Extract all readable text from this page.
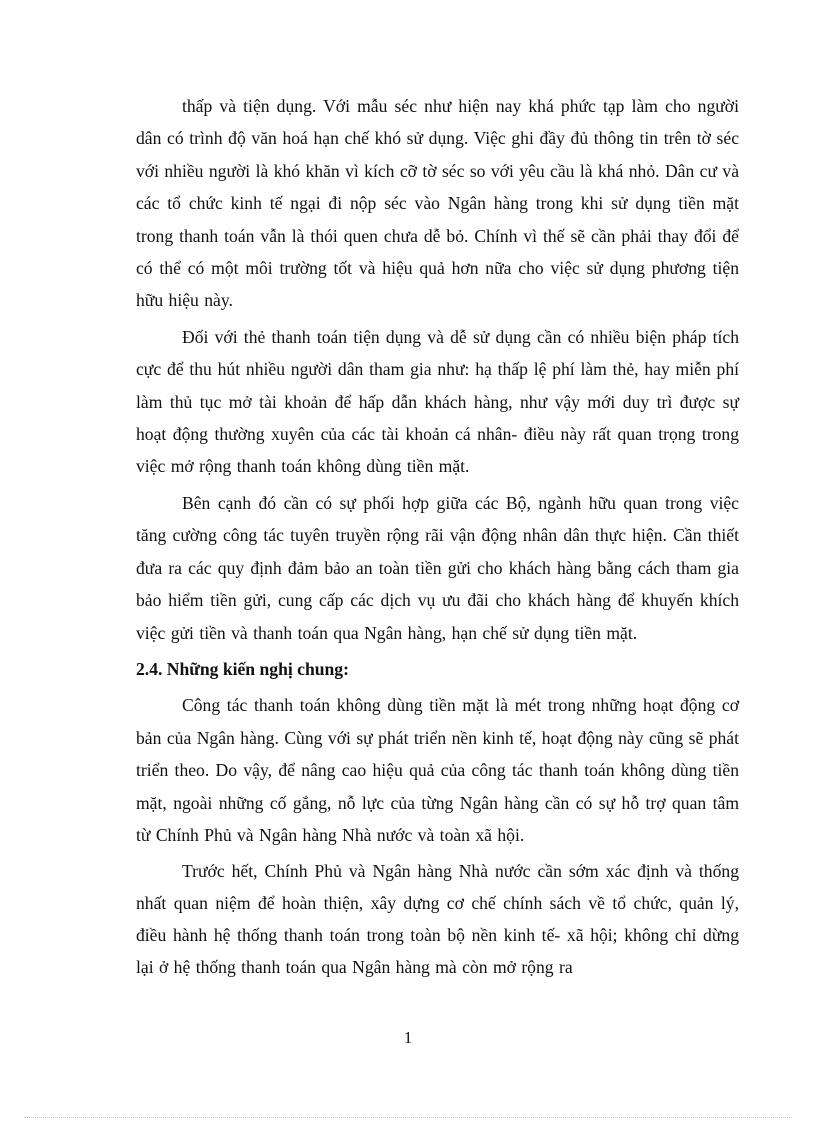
thấp và tiện dụng. Với mẫu séc như hiện nay khá phức tạp làm cho người dân có trình độ văn hoá hạn chế khó sử dụng. Việc ghi đầy đủ thông tin trên tờ séc với nhiều người là khó khăn vì kích cỡ tờ séc so với yêu cầu là khá nhỏ. Dân cư và các tổ chức kinh tế ngại đi nộp séc vào Ngân hàng trong khi sử dụng tiền mặt trong thanh toán vẫn là thói quen chưa dễ bỏ. Chính vì thế sẽ cần phải thay đổi để có thể có một môi trường tốt và hiệu quả hơn nữa cho việc sử dụng phương tiện hữu hiệu này.

Đối với thẻ thanh toán tiện dụng và dễ sử dụng cần có nhiều biện pháp tích cực để thu hút nhiều người dân tham gia như: hạ thấp lệ phí làm thẻ, hay miễn phí làm thủ tục mở tài khoản để hấp dẫn khách hàng, như vậy mới duy trì được sự hoạt động thường xuyên của các tài khoản cá nhân- điều này rất quan trọng trong việc mở rộng thanh toán không dùng tiền mặt.

Bên cạnh đó cần có sự phối hợp giữa các Bộ, ngành hữu quan trong việc tăng cường công tác tuyên truyền rộng rãi vận động nhân dân thực hiện. Cần thiết đưa ra các quy định đảm bảo an toàn tiền gửi cho khách hàng bằng cách tham gia bảo hiểm tiền gửi, cung cấp các dịch vụ ưu đãi cho khách hàng để khuyến khích việc gửi tiền và thanh toán qua Ngân hàng, hạn chế sử dụng tiền mặt.

2.4. Những kiến nghị chung:

Công tác thanh toán không dùng tiền mặt là mét trong những hoạt động cơ bản của Ngân hàng. Cùng với sự phát triển nền kinh tế, hoạt động này cũng sẽ phát triển theo. Do vậy, để nâng cao hiệu quả của công tác thanh toán không dùng tiền mặt, ngoài những cố gắng, nỗ lực của từng Ngân hàng cần có sự hỗ trợ quan tâm từ Chính Phủ và Ngân hàng Nhà nước và toàn xã hội.

Trước hết, Chính Phủ và Ngân hàng Nhà nước cần sớm xác định và thống nhất quan niệm để hoàn thiện, xây dựng cơ chế chính sách về tổ chức, quản lý, điều hành hệ thống thanh toán trong toàn bộ nền kinh tế- xã hội; không chỉ dừng lại ở hệ thống thanh toán qua Ngân hàng mà còn mở rộng ra

1
